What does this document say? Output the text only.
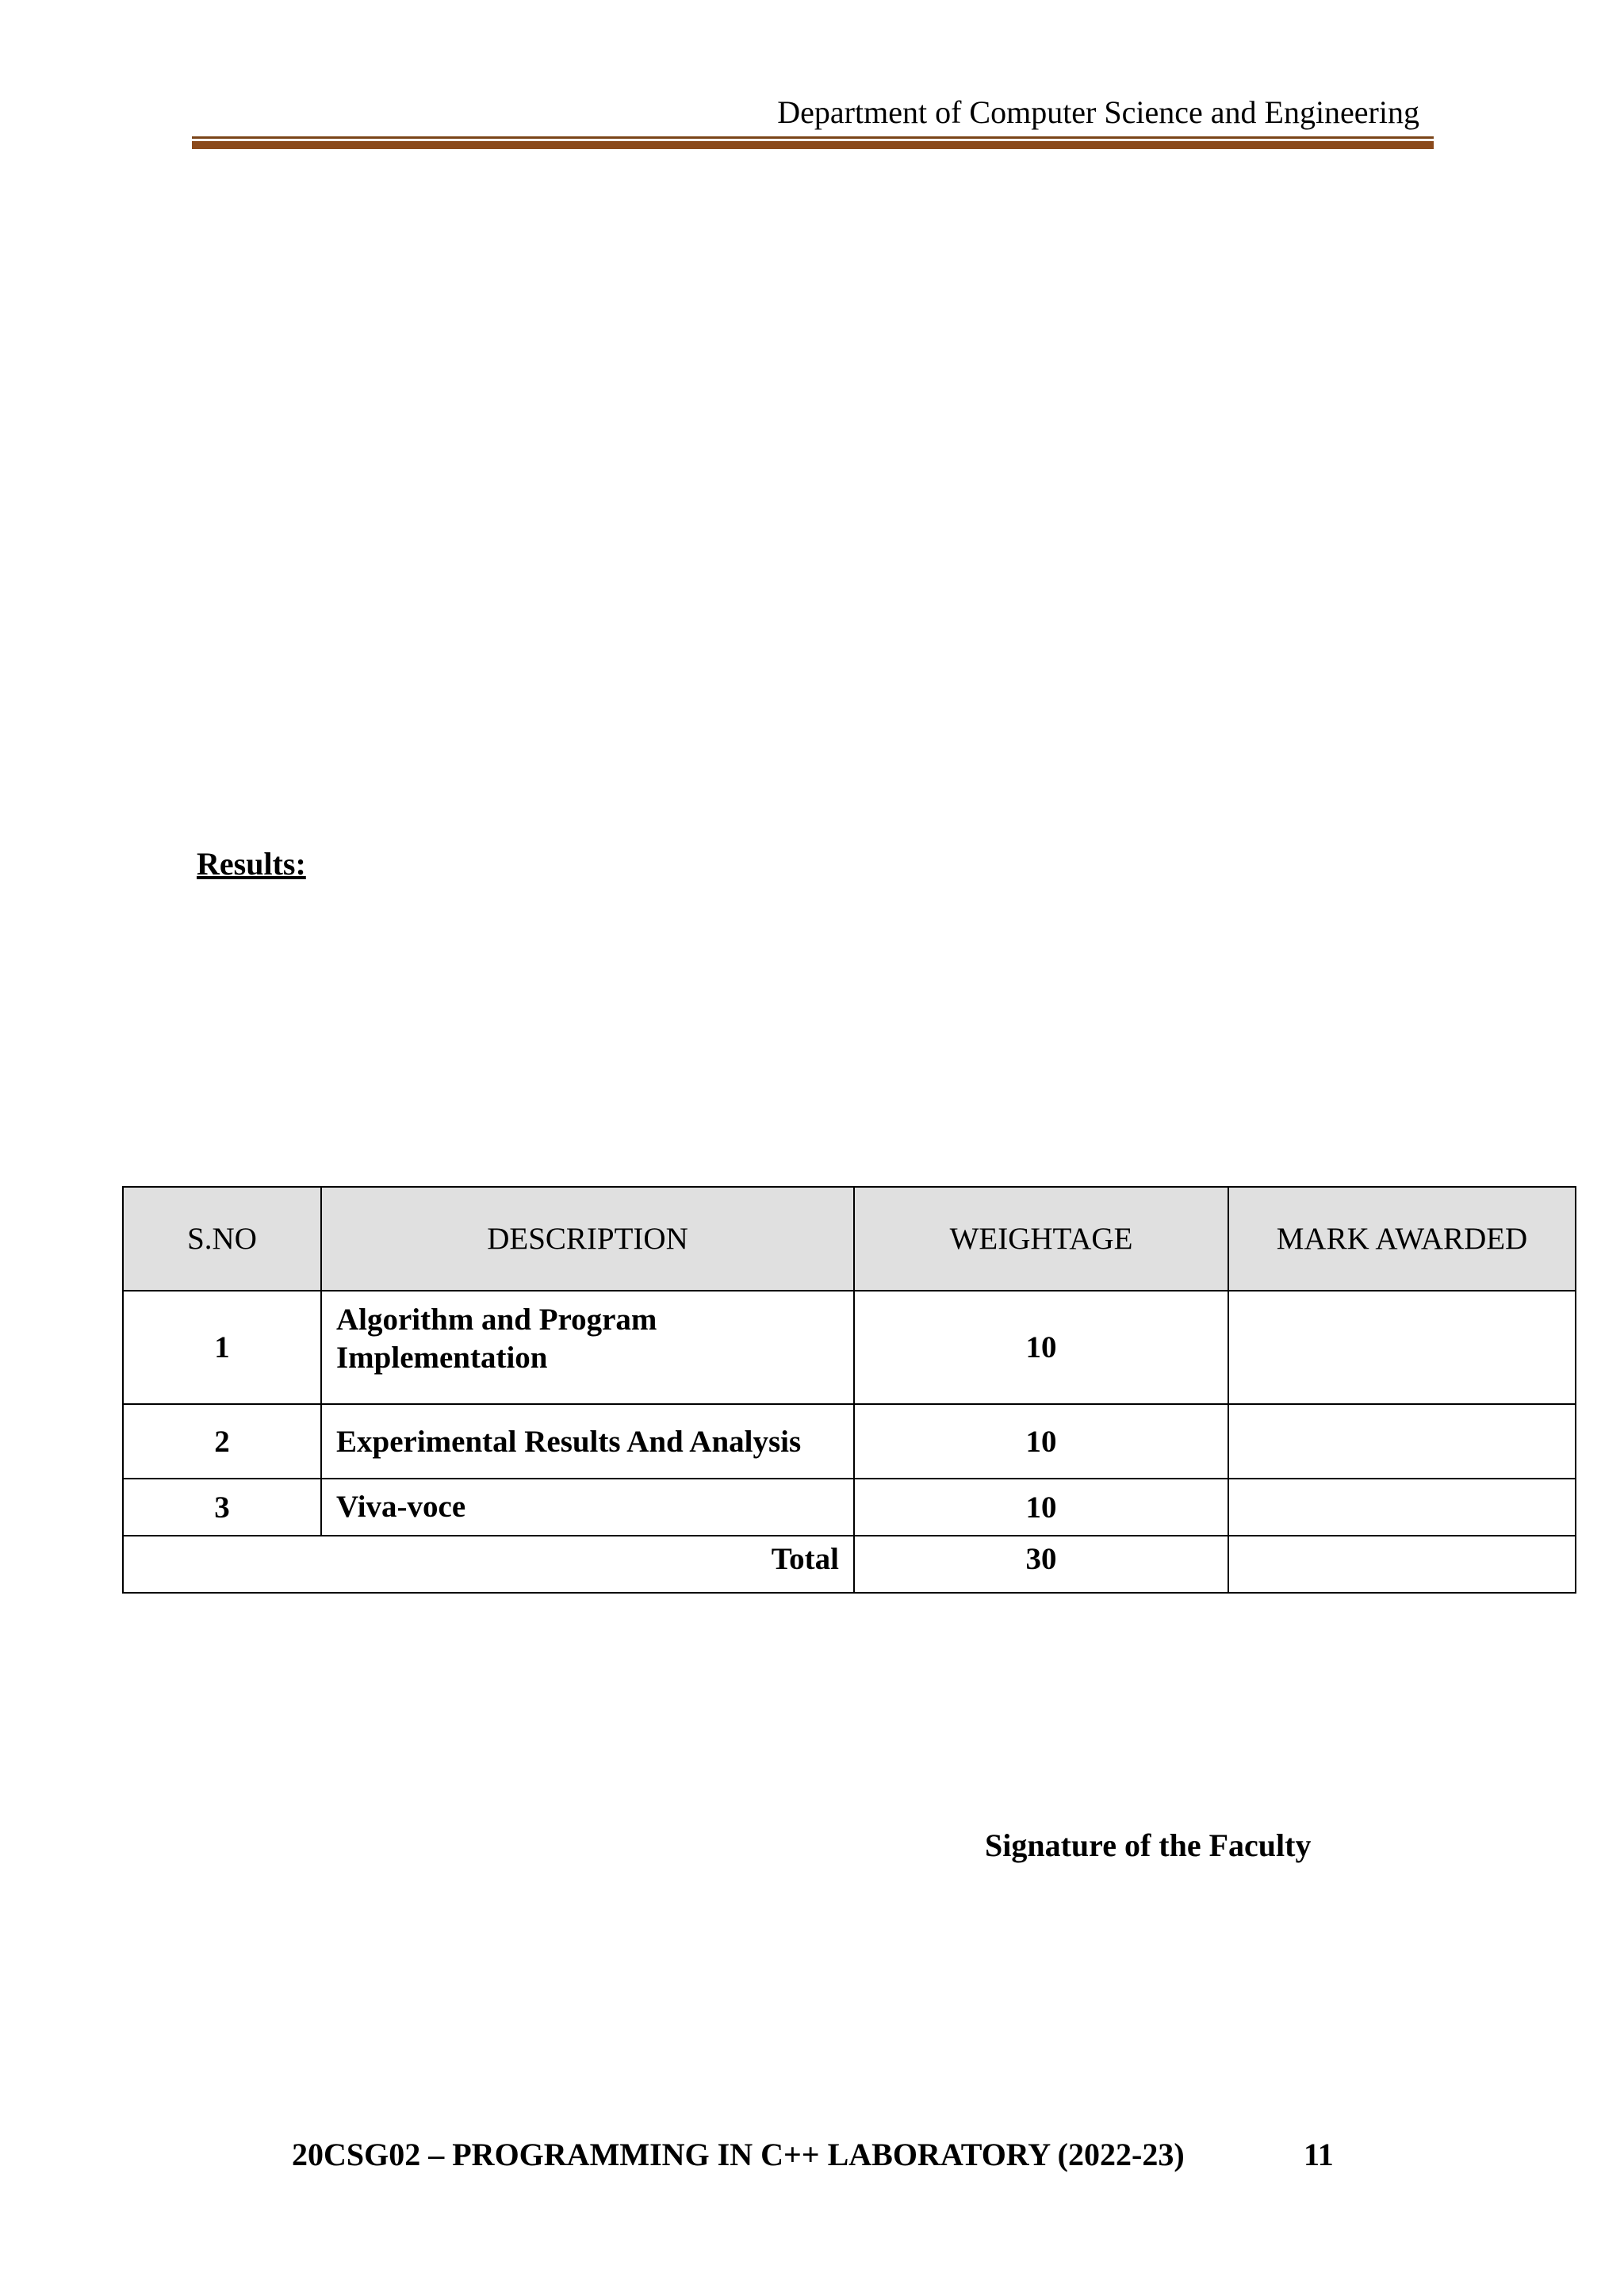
Department of Computer Science and Engineering
Results:
S.NO	DESCRIPTION	WEIGHTAGE	MARK AWARDED
1	Algorithm and Program Implementation	10	
2	Experimental Results And Analysis	10	
3	Viva-voce	10	

Total		30	

Signature of the Faculty
20CSG02 – PROGRAMMING IN C++ LABORATORY (2022-23)	11
